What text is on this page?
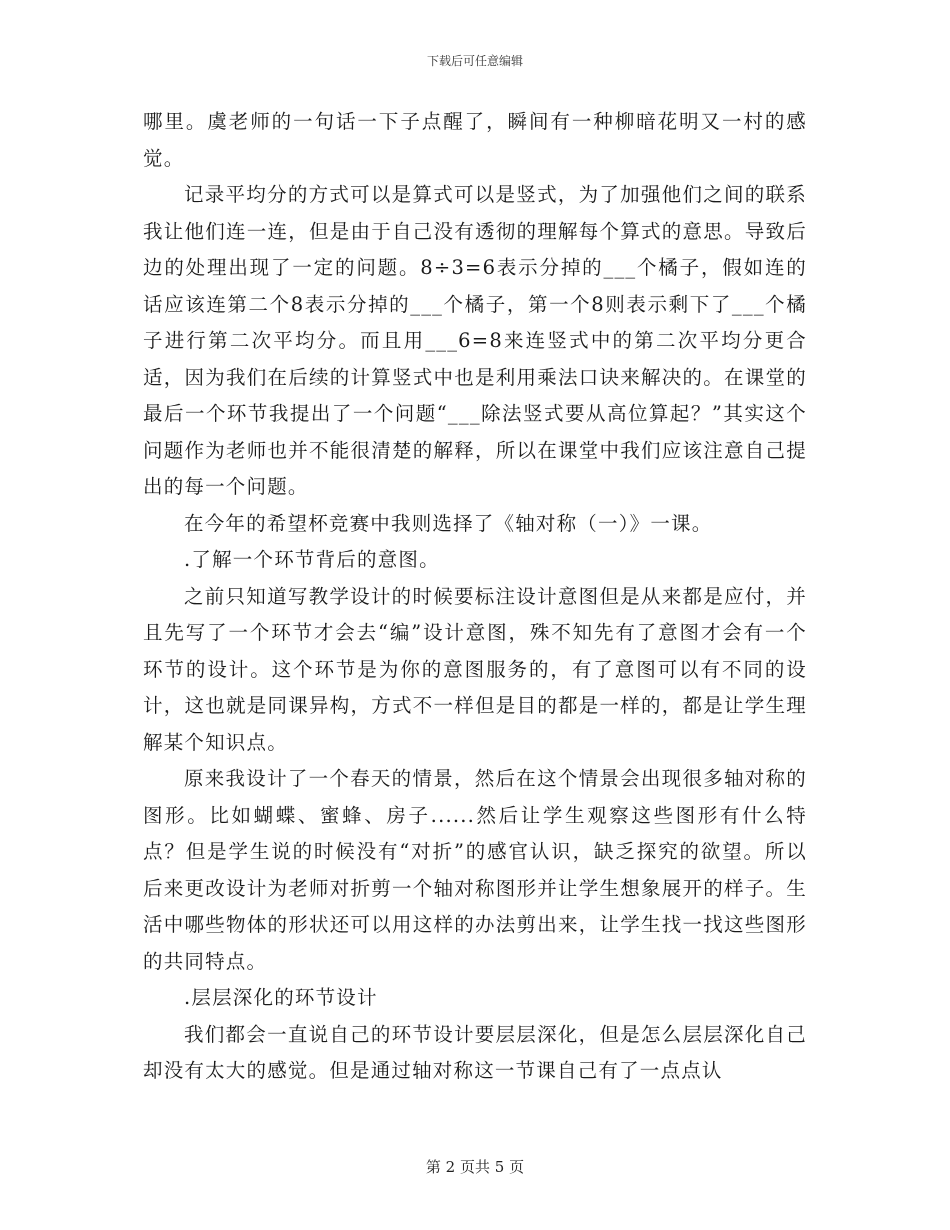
下载后可任意编辑

哪里。虞老师的一句话一下子点醒了，瞬间有一种柳暗花明又一村的感觉。

记录平均分的方式可以是算式可以是竖式，为了加强他们之间的联系我让他们连一连，但是由于自己没有透彻的理解每个算式的意思。导致后边的处理出现了一定的问题。8÷3=6表示分掉的___个橘子，假如连的话应该连第二个8表示分掉的___个橘子，第一个8则表示剩下了___个橘子进行第二次平均分。而且用___6=8来连竖式中的第二次平均分更合适，因为我们在后续的计算竖式中也是利用乘法口诀来解决的。在课堂的最后一个环节我提出了一个问题“___除法竖式要从高位算起？”其实这个问题作为老师也并不能很清楚的解释，所以在课堂中我们应该注意自己提出的每一个问题。

在今年的希望杯竞赛中我则选择了《轴对称（一）》一课。

.了解一个环节背后的意图。

之前只知道写教学设计的时候要标注设计意图但是从来都是应付，并且先写了一个环节才会去“编”设计意图，殊不知先有了意图才会有一个环节的设计。这个环节是为你的意图服务的，有了意图可以有不同的设计，这也就是同课异构，方式不一样但是目的都是一样的，都是让学生理解某个知识点。

原来我设计了一个春天的情景，然后在这个情景会出现很多轴对称的图形。比如蝴蝶、蜜蜂、房子......然后让学生观察这些图形有什么特点？但是学生说的时候没有“对折”的感官认识，缺乏探究的欲望。所以后来更改设计为老师对折剪一个轴对称图形并让学生想象展开的样子。生活中哪些物体的形状还可以用这样的办法剪出来，让学生找一找这些图形的共同特点。

.层层深化的环节设计

我们都会一直说自己的环节设计要层层深化，但是怎么层层深化自己却没有太大的感觉。但是通过轴对称这一节课自己有了一点点认

第 2 页共 5 页
